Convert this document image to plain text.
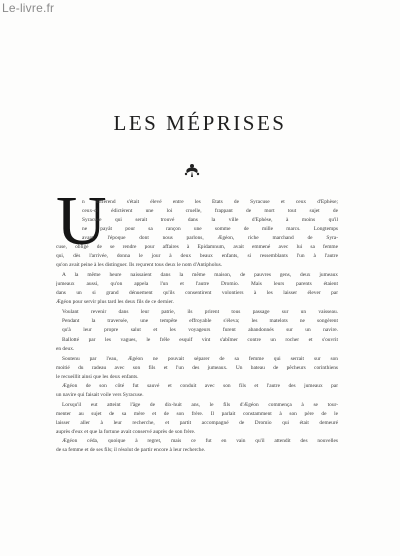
Le-livre.fr
LES MÉPRISES
U
n différend s'était élevé entre les États de Syracuse et ceux d'Éphèse;
ceux-ci édictèrent une loi cruelle, frappant de mort tout sujet de
Syracuse qui serait trouvé dans la ville d'Éphèse, à moins qu'il
ne payât pour sa rançon une somme de mille marcs. Longtemps
avant l'époque dont nous parlons, Ægéon, riche marchand de Syra-
cuse, obligé de se rendre pour affaires à Épidamnum, avait emmené avec lui sa femme
qui, dès l'arrivée, donna le jour à deux beaux enfants, si ressemblants l'un à l'autre
qu'on avait peine à les distinguer. Ils reçurent tous deux le nom d'Antipholus.
A la même heure naissaient dans la même maison, de pauvres gens, deux jumeaux
jumeaux aussi, qu'on appela l'un et l'autre Dromio. Mais leurs parents étaient
dans un si grand dénuement qu'ils consentirent volontiers à les laisser élever par
Ægéon pour servir plus tard les deux fils de ce dernier.
Voulant revenir dans leur patrie, ils prirent tous passage sur un vaisseau.
Pendant la traversée, une tempête effroyable s'éleva; les matelots ne songèrent
qu'à leur propre salut et les voyageurs furent abandonnés sur un navire.
Ballotté par les vagues, le frêle esquif vint s'abîmer contre un rocher et s'ouvrit
en deux.
Soutenu par l'eau, Ægéon ne pouvait séparer de sa femme qui serrait sur son
moitié du radeau avec son fils et l'un des jumeaux. Un bateau de pêcheurs corinthiens
le recueillit ainsi que les deux enfants.
Ægéon de son côté fut sauvé et conduit avec son fils et l'autre des jumeaux par
un navire qui faisait voile vers Syracuse.
Lorsqu'il eut atteint l'âge de dix-huit ans, le fils d'Ægéon commença à se tour-
menter au sujet de sa mère et de son frère. Il parlait constamment à son père de le
laisser aller à leur recherche, et partit accompagné de Dromio qui était demeuré
auprès d'eux et que la fortune avait conservé auprès de son frère.
Ægéon céda, quoique à regret, mais ce fut en vain qu'il attendit des nouvelles
de sa femme et de ses fils; il résolut de partir encore à leur recherche.
